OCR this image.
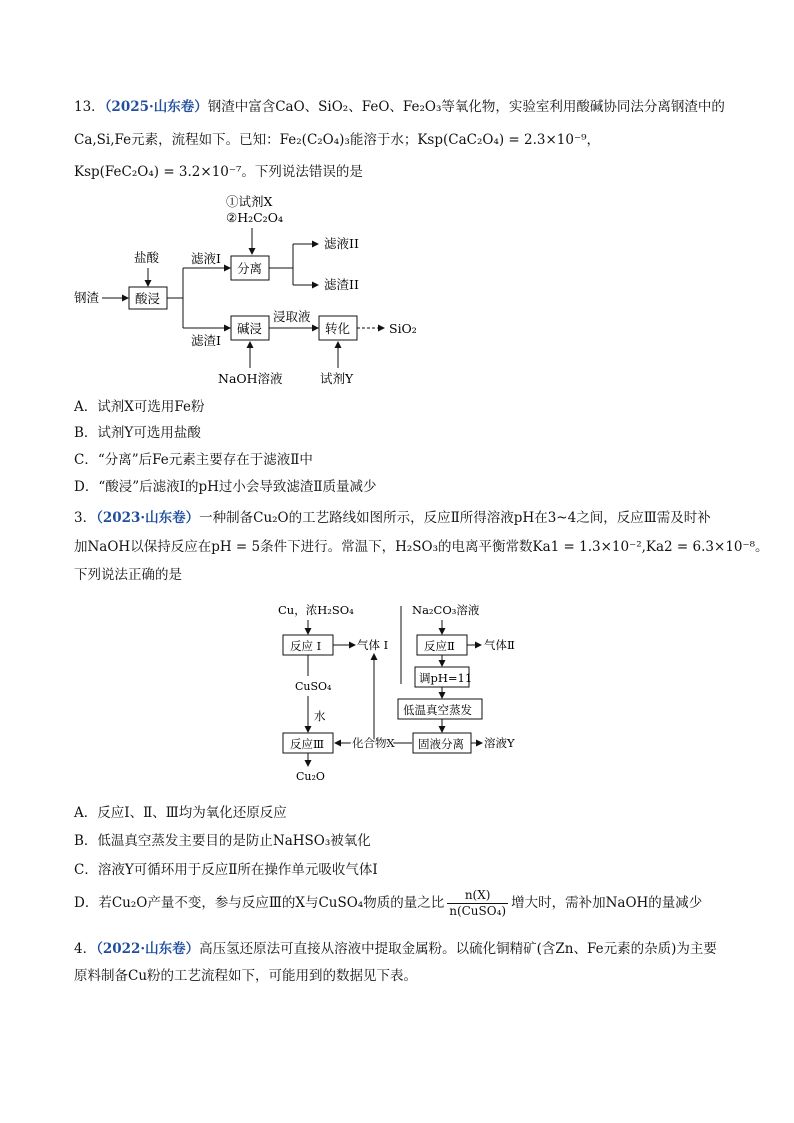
13．（2025·山东卷）钢渣中富含CaO、SiO₂、FeO、Fe₂O₃等氧化物，实验室利用酸碱协同法分离钢渣中的
Ca,Si,Fe元素，流程如下。已知：Fe₂(C₂O₄)₃能溶于水；Ksp(CaC₂O₄) = 2.3×10⁻⁹，
Ksp(FeC₂O₄) = 3.2×10⁻⁷。下列说法错误的是
①试剂X
②H₂C₂O₄
盐酸
钢渣	酸浸
滤液I
滤渣I
分离
滤液II
滤渣II
碱浸
NaOH溶液
浸取液
转化
试剂Y
SiO₂
A．试剂X可选用Fe粉
B．试剂Y可选用盐酸
C．“分离”后Fe元素主要存在于滤液Ⅱ中
D．“酸浸”后滤液Ⅰ的pH过小会导致滤渣Ⅱ质量减少
3．（2023·山东卷）一种制备Cu₂O的工艺路线如图所示，反应Ⅱ所得溶液pH在3~4之间，反应Ⅲ需及时补
加NaOH以保持反应在pH = 5条件下进行。常温下，H₂SO₃的电离平衡常数Ka1 = 1.3×10⁻²,Ka2 = 6.3×10⁻⁸。
下列说法正确的是
Cu，浓H₂SO₄
反应 I	气体 I
CuSO₄
水
反应Ⅲ
Cu₂O
化合物X
Na₂CO₃溶液
反应Ⅱ	气体Ⅱ
调pH=11
低温真空蒸发
固液分离 溶液Y
A．反应Ⅰ、Ⅱ、Ⅲ均为氧化还原反应
B．低温真空蒸发主要目的是防止NaHSO₃被氧化
C．溶液Y可循环用于反应Ⅱ所在操作单元吸收气体Ⅰ
D．若Cu₂O产量不变，参与反应Ⅲ的X与CuSO₄物质的量之比 $\frac{n(X)}{\text{n(CuSO₄)}}$ 增大时，需补加NaOH的量减少
4．（2022·山东卷）高压氢还原法可直接从溶液中提取金属粉。以硫化铜精矿(含Zn、Fe元素的杂质)为主要
原料制备Cu粉的工艺流程如下，可能用到的数据见下表。
